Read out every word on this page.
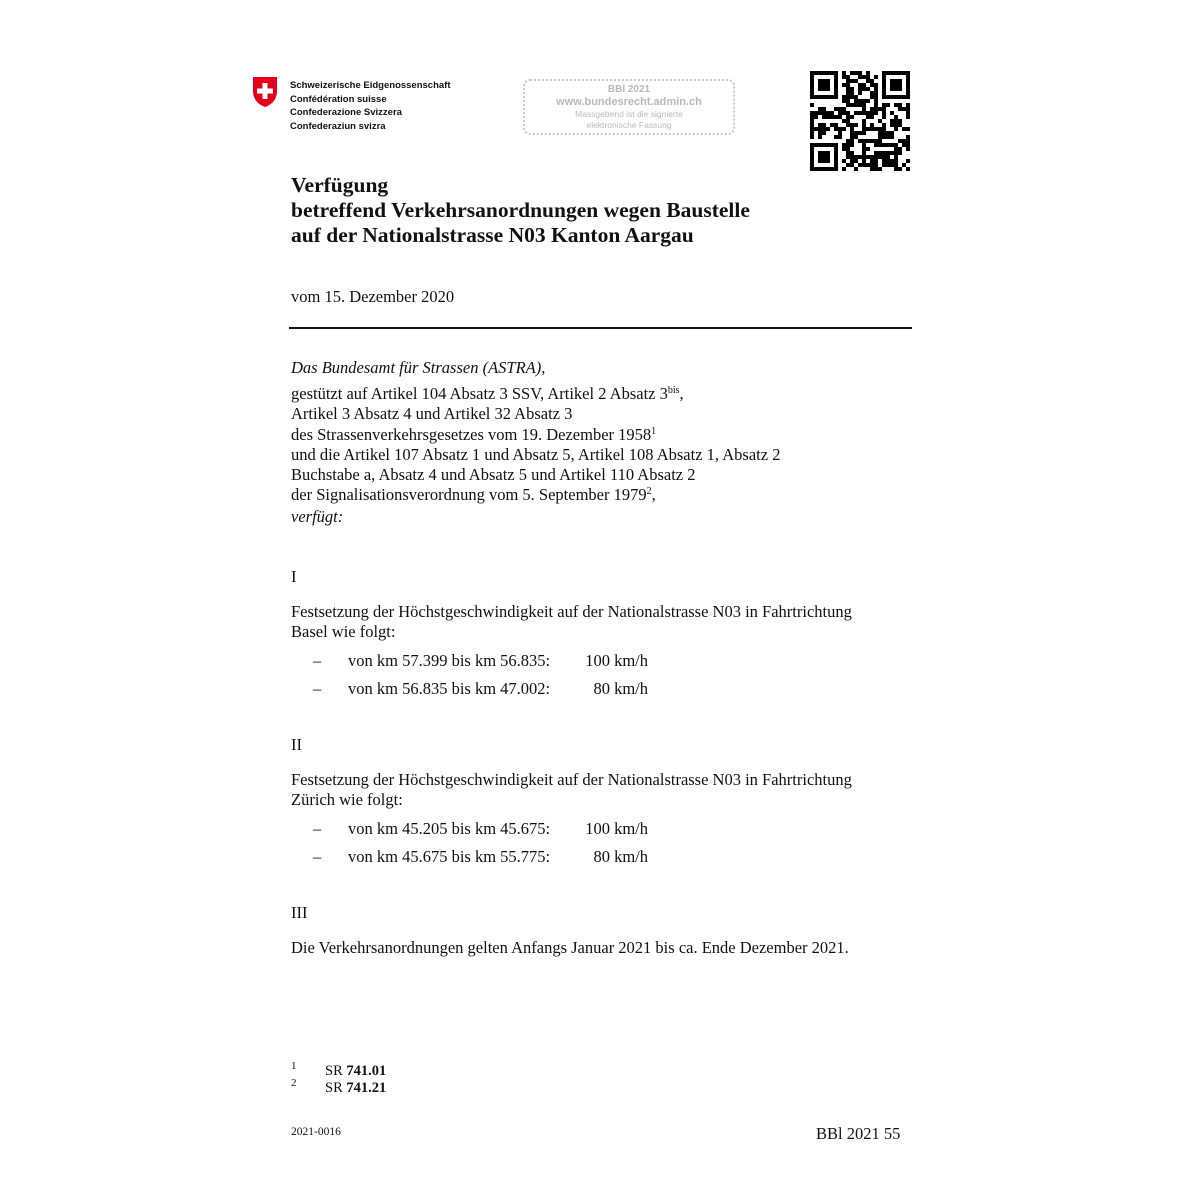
Schweizerische Eidgenossenschaft
Confédération suisse
Confederazione Svizzera
Confederaziun svizra
BBl 2021
www.bundesrecht.admin.ch
Massgebend ist die signierte
elektronische Fassung
Verfügung
betreffend Verkehrsanordnungen wegen Baustelle
auf der Nationalstrasse N03 Kanton Aargau
vom 15. Dezember 2020
Das Bundesamt für Strassen (ASTRA),
gestützt auf Artikel 104 Absatz 3 SSV, Artikel 2 Absatz $3^{bis}$,
Artikel 3 Absatz 4 und Artikel 32 Absatz 3
des Strassenverkehrsgesetzes vom 19. Dezember 1958$^1$
und die Artikel 107 Absatz 1 und Absatz 5, Artikel 108 Absatz 1, Absatz 2
Buchstabe a, Absatz 4 und Absatz 5 und Artikel 110 Absatz 2
der Signalisationsverordnung vom 5. September 1979$^2$,
verfügt:
I
Festsetzung der Höchstgeschwindigkeit auf der Nationalstrasse N03 in Fahrtrichtung
Basel wie folgt:
– von km 57.399 bis km 56.835:	100 km/h
– von km 56.835 bis km 47.002:	80 km/h
II
Festsetzung der Höchstgeschwindigkeit auf der Nationalstrasse N03 in Fahrtrichtung
Zürich wie folgt:
– von km 45.205 bis km 45.675:	100 km/h
– von km 45.675 bis km 55.775:	80 km/h
III
Die Verkehrsanordnungen gelten Anfangs Januar 2021 bis ca. Ende Dezember 2021.
1 SR 741.01
2 SR 741.21
2021-0016	BBl 2021 55
